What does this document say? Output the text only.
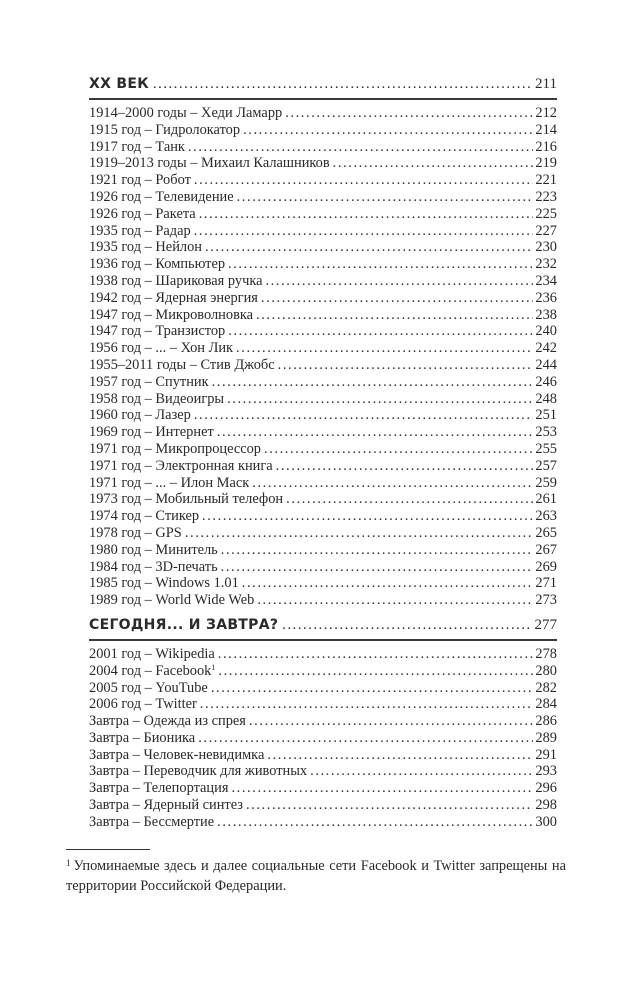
XX ВЕК .....	211
1914–2000 годы – Хеди Ламарр .....	212
1915 год – Гидролокатор .....	214
1917 год – Танк .....	216
1919–2013 годы – Михаил Калашников .....	219
1921 год – Робот .....	221
1926 год – Телевидение .....	223
1926 год – Ракета .....	225
1935 год – Радар .....	227
1935 год – Нейлон .....	230
1936 год – Компьютер .....	232
1938 год – Шариковая ручка .....	234
1942 год – Ядерная энергия .....	236
1947 год – Микроволновка .....	238
1947 год – Транзистор .....	240
1956 год – ... – Хон Лик .....	242
1955–2011 годы – Стив Джобс .....	244
1957 год – Спутник .....	246
1958 год – Видеоигры .....	248
1960 год – Лазер .....	251
1969 год – Интернет .....	253
1971 год – Микропроцессор .....	255
1971 год – Электронная книга .....	257
1971 год – ... – Илон Маск .....	259
1973 год – Мобильный телефон .....	261
1974 год – Стикер .....	263
1978 год – GPS .....	265
1980 год – Минитель .....	267
1984 год – 3D-печать .....	269
1985 год – Windows 1.01 .....	271
1989 год – World Wide Web .....	273
СЕГОДНЯ... И ЗАВТРА? .....	277
2001 год – Wikipedia .....	278
2004 год – Facebook$^1$ .....	280
2005 год – YouTube .....	282
2006 год – Twitter .....	284
Завтра – Одежда из спрея .....	286
Завтра – Бионика .....	289
Завтра – Человек-невидимка .....	291
Завтра – Переводчик для животных .....	293
Завтра – Телепортация .....	296
Завтра – Ядерный синтез .....	298
Завтра – Бессмертие .....	300
$^1$ Упоминаемые здесь и далее социальные сети Facebook и Twitter запрещены на территории Российской Федерации.
